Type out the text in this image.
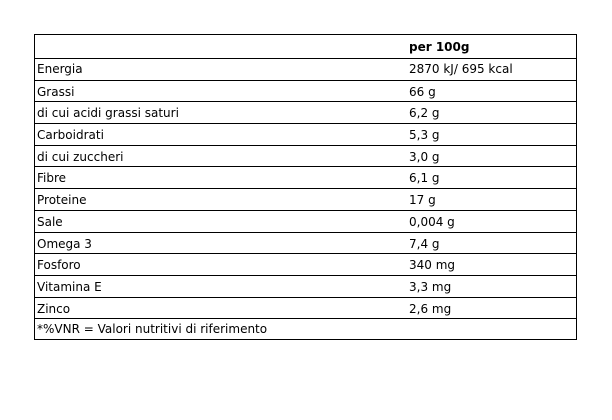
per 100g
Energia	2870 kJ/ 695 kcal
Grassi	66 g
di cui acidi grassi saturi	6,2 g
Carboidrati	5,3 g
di cui zuccheri	3,0 g
Fibre	6,1 g
Proteine	17 g
Sale	0,004 g
Omega 3	7,4 g
Fosforo	340 mg
Vitamina E	3,3 mg
Zinco	2,6 mg
*%VNR = Valori nutritivi di riferimento
